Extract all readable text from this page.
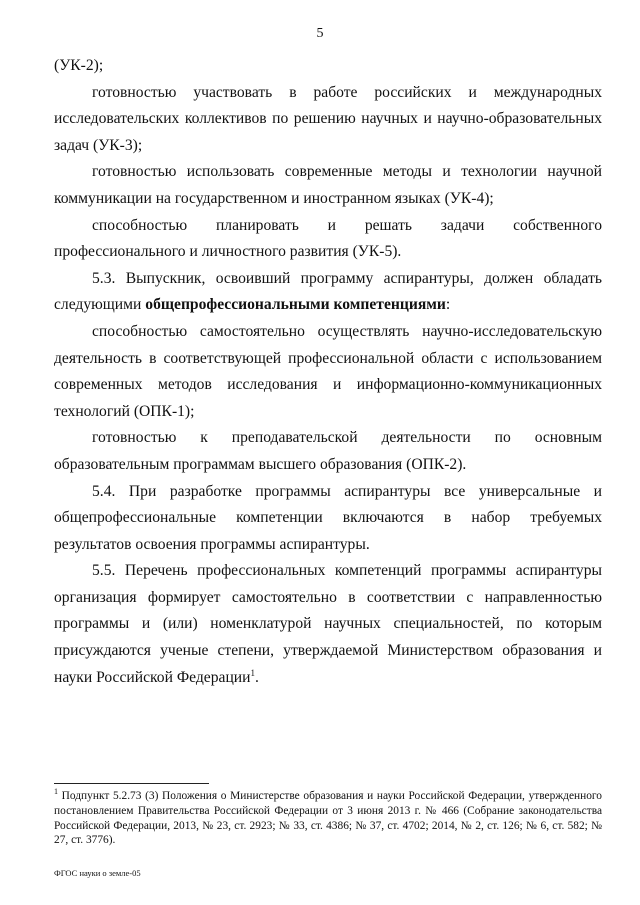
5

(УК-2);

готовностью участвовать в работе российских и международных исследовательских коллективов по решению научных и научно-образовательных задач (УК-3);

готовностью использовать современные методы и технологии научной коммуникации на государственном и иностранном языках (УК-4);

способностью планировать и решать задачи собственного профессионального и личностного развития (УК-5).

5.3. Выпускник, освоивший программу аспирантуры, должен обладать следующими общепрофессиональными компетенциями:

способностью самостоятельно осуществлять научно-исследовательскую деятельность в соответствующей профессиональной области с использованием современных методов исследования и информационно-коммуникационных технологий (ОПК-1);

готовностью к преподавательской деятельности по основным образовательным программам высшего образования (ОПК-2).

5.4. При разработке программы аспирантуры все универсальные и общепрофессиональные компетенции включаются в набор требуемых результатов освоения программы аспирантуры.

5.5. Перечень профессиональных компетенций программы аспирантуры организация формирует самостоятельно в соответствии с направленностью программы и (или) номенклатурой научных специальностей, по которым присуждаются ученые степени, утверждаемой Министерством образования и науки Российской Федерации$^1$.

$^1$ Подпункт 5.2.73 (3) Положения о Министерстве образования и науки Российской Федерации, утвержденного постановлением Правительства Российской Федерации от 3 июня 2013 г. № 466 (Собрание законодательства Российской Федерации, 2013, № 23, ст. 2923; № 33, ст. 4386; № 37, ст. 4702; 2014, № 2, ст. 126; № 6, ст. 582; № 27, ст. 3776).

ФГОС науки о земле-05
